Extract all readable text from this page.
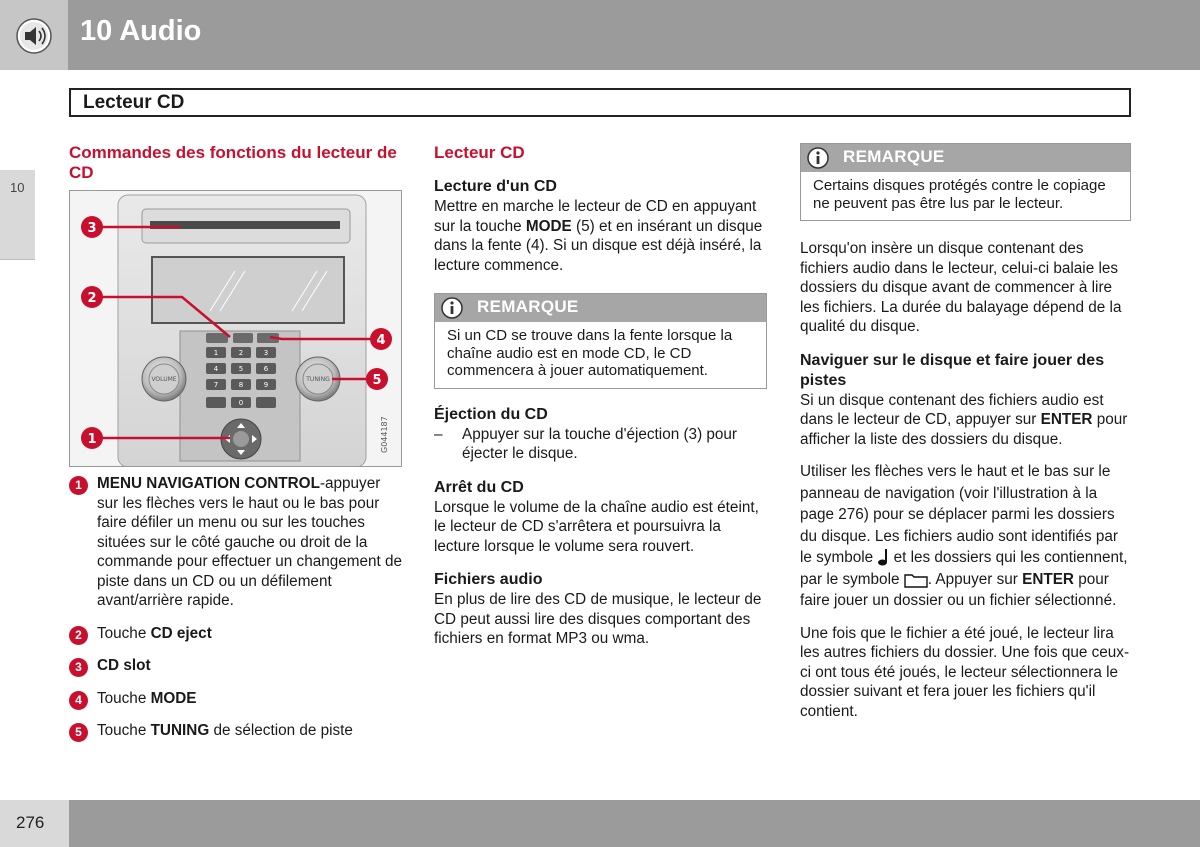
10 Audio
Lecteur CD
10
Commandes des fonctions du lecteur de CD
1	2	3
4	5	6
7	8	9
0
VOLUME	TUNING
G044187
3
2
4
5
1
1 MENU NAVIGATION CONTROL-appuyer sur les flèches vers le haut ou le bas pour faire défiler un menu ou sur les touches situées sur le côté gauche ou droit de la commande pour effectuer un changement de piste dans un CD ou un défilement avant/arrière rapide.
2 Touche CD eject
3 CD slot
4 Touche MODE
5 Touche TUNING de sélection de piste
Lecteur CD
Lecture d'un CD

Mettre en marche le lecteur de CD en appuyant sur la touche MODE (5) et en insérant un disque dans la fente (4). Si un disque est déjà inséré, la lecture commence.

REMARQUE
Si un CD se trouve dans la fente lorsque la chaîne audio est en mode CD, le CD commencera à jouer automatiquement.
Éjection du CD
– Appuyer sur la touche d'éjection (3) pour éjecter le disque.
Arrêt du CD

Lorsque le volume de la chaîne audio est éteint, le lecteur de CD s'arrêtera et poursuivra la lecture lorsque le volume sera rouvert.

Fichiers audio

En plus de lire des CD de musique, le lecteur de CD peut aussi lire des disques comportant des fichiers en format MP3 ou wma.

REMARQUE
Certains disques protégés contre le copiage ne peuvent pas être lus par le lecteur.

Lorsqu'on insère un disque contenant des fichiers audio dans le lecteur, celui-ci balaie les dossiers du disque avant de commencer à lire les fichiers. La durée du balayage dépend de la qualité du disque.

Naviguer sur le disque et faire jouer des pistes

Si un disque contenant des fichiers audio est dans le lecteur de CD, appuyer sur ENTER pour afficher la liste des dossiers du disque.

Utiliser les flèches vers le haut et le bas sur le panneau de navigation (voir l'illustration à la page 276) pour se déplacer parmi les dossiers du disque. Les fichiers audio sont identifiés par le symbole  et les dossiers qui les contiennent, par le symbole . Appuyer sur ENTER pour faire jouer un dossier ou un fichier sélectionné.

Une fois que le fichier a été joué, le lecteur lira les autres fichiers du dossier. Une fois que ceux-ci ont tous été joués, le lecteur sélectionnera le dossier suivant et fera jouer les fichiers qu'il contient.

276
